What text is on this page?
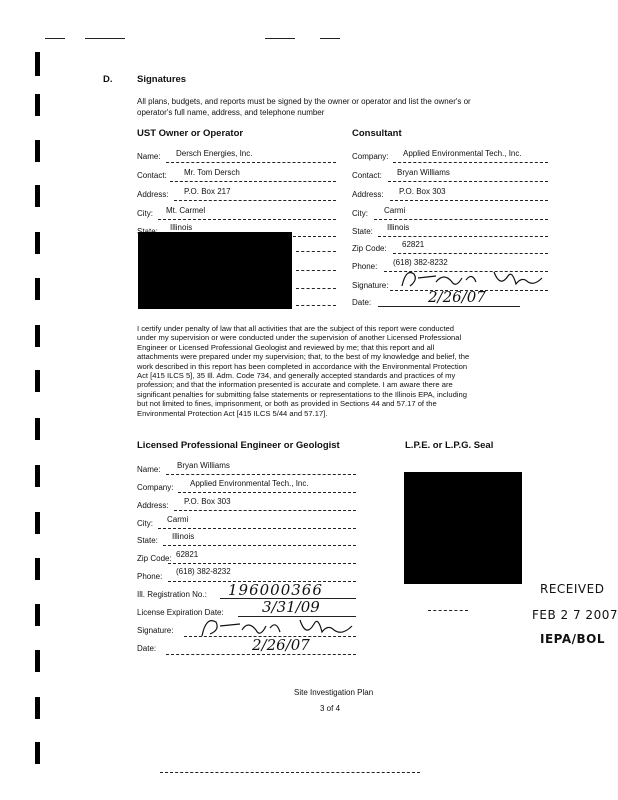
D.	Signatures
All plans, budgets, and reports must be signed by the owner or operator and list the owner's or
operator's full name, address, and telephone number
UST Owner or Operator
Name: Dersch Energies, Inc.
Contact: Mr. Tom Dersch
Address: P.O. Box 217
City: Mt. Carmel
Illinois
Consultant
Company: Applied Environmental Tech., Inc.
Contact: Bryan Williams
Address: P.O. Box 303
City: Carmi
State: Illinois
Zip Code: 62821
Phone: (618) 382-8232
Signature:
Date:	2/26/07
I certify under penalty of law that all activities that are the subject of this report were conducted
under my supervision or were conducted under the supervision of another Licensed Professional
Engineer or Licensed Professional Geologist and reviewed by me; that this report and all
attachments were prepared under my supervision; that, to the best of my knowledge and belief, the
work described in this report has been completed in accordance with the Environmental Protection
Act [415 ILCS 5], 35 Ill. Adm. Code 734, and generally accepted standards and practices of my
profession; and that the information presented is accurate and complete. I am aware there are
significant penalties for submitting false statements or representations to the Illinois EPA, including
but not limited to fines, imprisonment, or both as provided in Sections 44 and 57.17 of the
Environmental Protection Act [415 ILCS 5/44 and 57.17].
Licensed Professional Engineer or Geologist	L.P.E. or L.P.G. Seal
Name: Bryan Williams
Company: Applied Environmental Tech., Inc.
Address: P.O. Box 303
City: Carmi
State: Illinois
Zip Code: 62821
Phone:
(618) 382-8232
Ill. Registration No.: 196000366
License Expiration Date:	3/31/09
Signature:
Date:	2/26/07
RECEIVED
FEB 2 7 2007
IEPA/BOL
Site Investigation Plan
3 of 4
